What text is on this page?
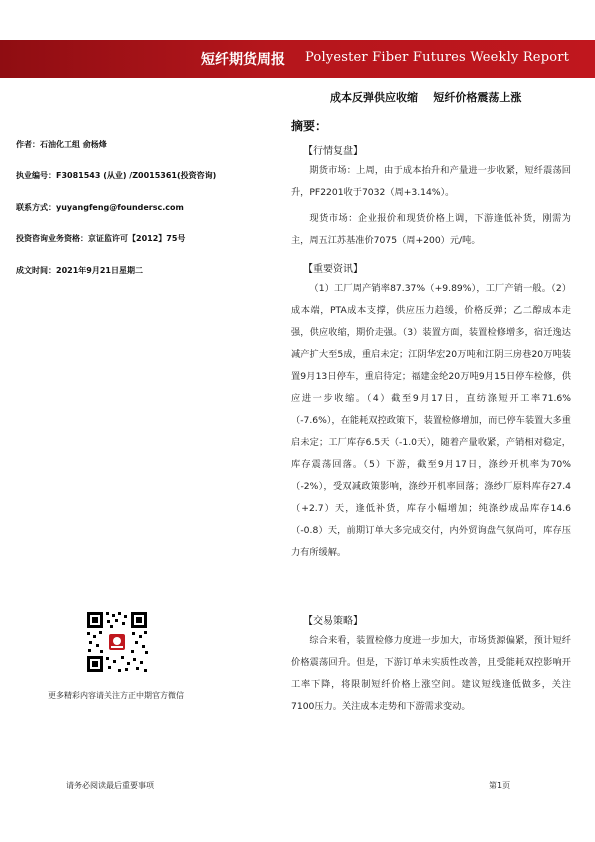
短纤期货周报 Polyester Fiber Futures Weekly Report
成本反弹供应收缩    短纤价格震荡上涨
摘要：
作者：石油化工组 俞杨烽
执业编号：F3081543 (从业) /Z0015361(投资咨询)
联系方式：yuyangfeng@foundersc.com
投资咨询业务资格：京证监许可【2012】75号
成文时间：2021年9月21日星期二
更多精彩内容请关注方正中期官方微信
【行情复盘】
期货市场：上周，由于成本抬升和产量进一步收紧，短纤震荡回升，PF2201收于7032（周+3.14%）。
现货市场：企业报价和现货价格上调，下游逢低补货，刚需为主，周五江苏基准价7075（周+200）元/吨。
【重要资讯】
（1）工厂周产销率87.37%（+9.89%），工厂产销一般。（2）成本端，PTA成本支撑，供应压力趋缓，价格反弹；乙二醇成本走强，供应收缩，期价走强。（3）装置方面，装置检修增多，宿迁逸达减产扩大至5成，重启未定；江阴华宏20万吨和江阴三房巷20万吨装置9月13日停车，重启待定；福建金纶20万吨9月15日停车检修，供应进一步收缩。（4）截至9月17日，直纺涤短开工率71.6%（-7.6%），在能耗双控政策下，装置检修增加，而已停车装置大多重启未定；工厂库存6.5天（-1.0天），随着产量收紧，产销相对稳定，库存震荡回落。（5）下游，截至9月17日，涤纱开机率为70%（-2%），受双减政策影响，涤纱开机率回落；涤纱厂原料库存27.4（+2.7）天，逢低补货，库存小幅增加；纯涤纱成品库存14.6（-0.8）天，前期订单大多完成交付，内外贸询盘气氛尚可，库存压力有所缓解。
【交易策略】
综合来看，装置检修力度进一步加大，市场货源偏紧，预计短纤价格震荡回升。但是，下游订单未实质性改善，且受能耗双控影响开工率下降，将限制短纤价格上涨空间。建议短线逢低做多，关注7100压力。关注成本走势和下游需求变动。
请务必阅读最后重要事项	第1页
